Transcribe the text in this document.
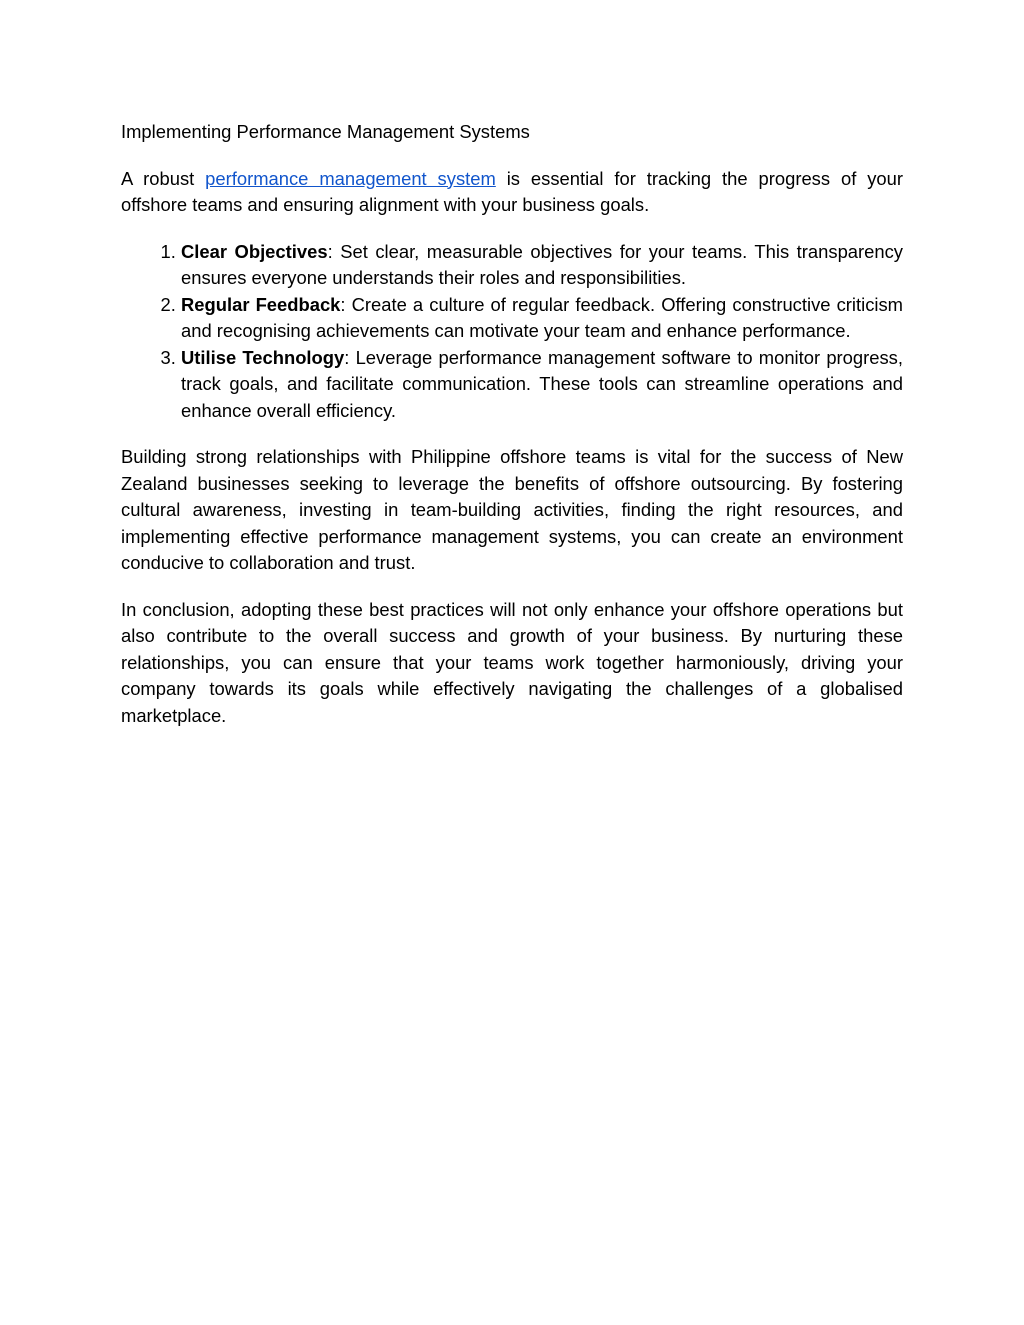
Implementing Performance Management Systems

A robust performance management system is essential for tracking the progress of your offshore teams and ensuring alignment with your business goals.

1. Clear Objectives: Set clear, measurable objectives for your teams. This transparency ensures everyone understands their roles and responsibilities.
2. Regular Feedback: Create a culture of regular feedback. Offering constructive criticism and recognising achievements can motivate your team and enhance performance.
3. Utilise Technology: Leverage performance management software to monitor progress, track goals, and facilitate communication. These tools can streamline operations and enhance overall efficiency.

Building strong relationships with Philippine offshore teams is vital for the success of New Zealand businesses seeking to leverage the benefits of offshore outsourcing. By fostering cultural awareness, investing in team-building activities, finding the right resources, and implementing effective performance management systems, you can create an environment conducive to collaboration and trust.

In conclusion, adopting these best practices will not only enhance your offshore operations but also contribute to the overall success and growth of your business. By nurturing these relationships, you can ensure that your teams work together harmoniously, driving your company towards its goals while effectively navigating the challenges of a globalised marketplace.
